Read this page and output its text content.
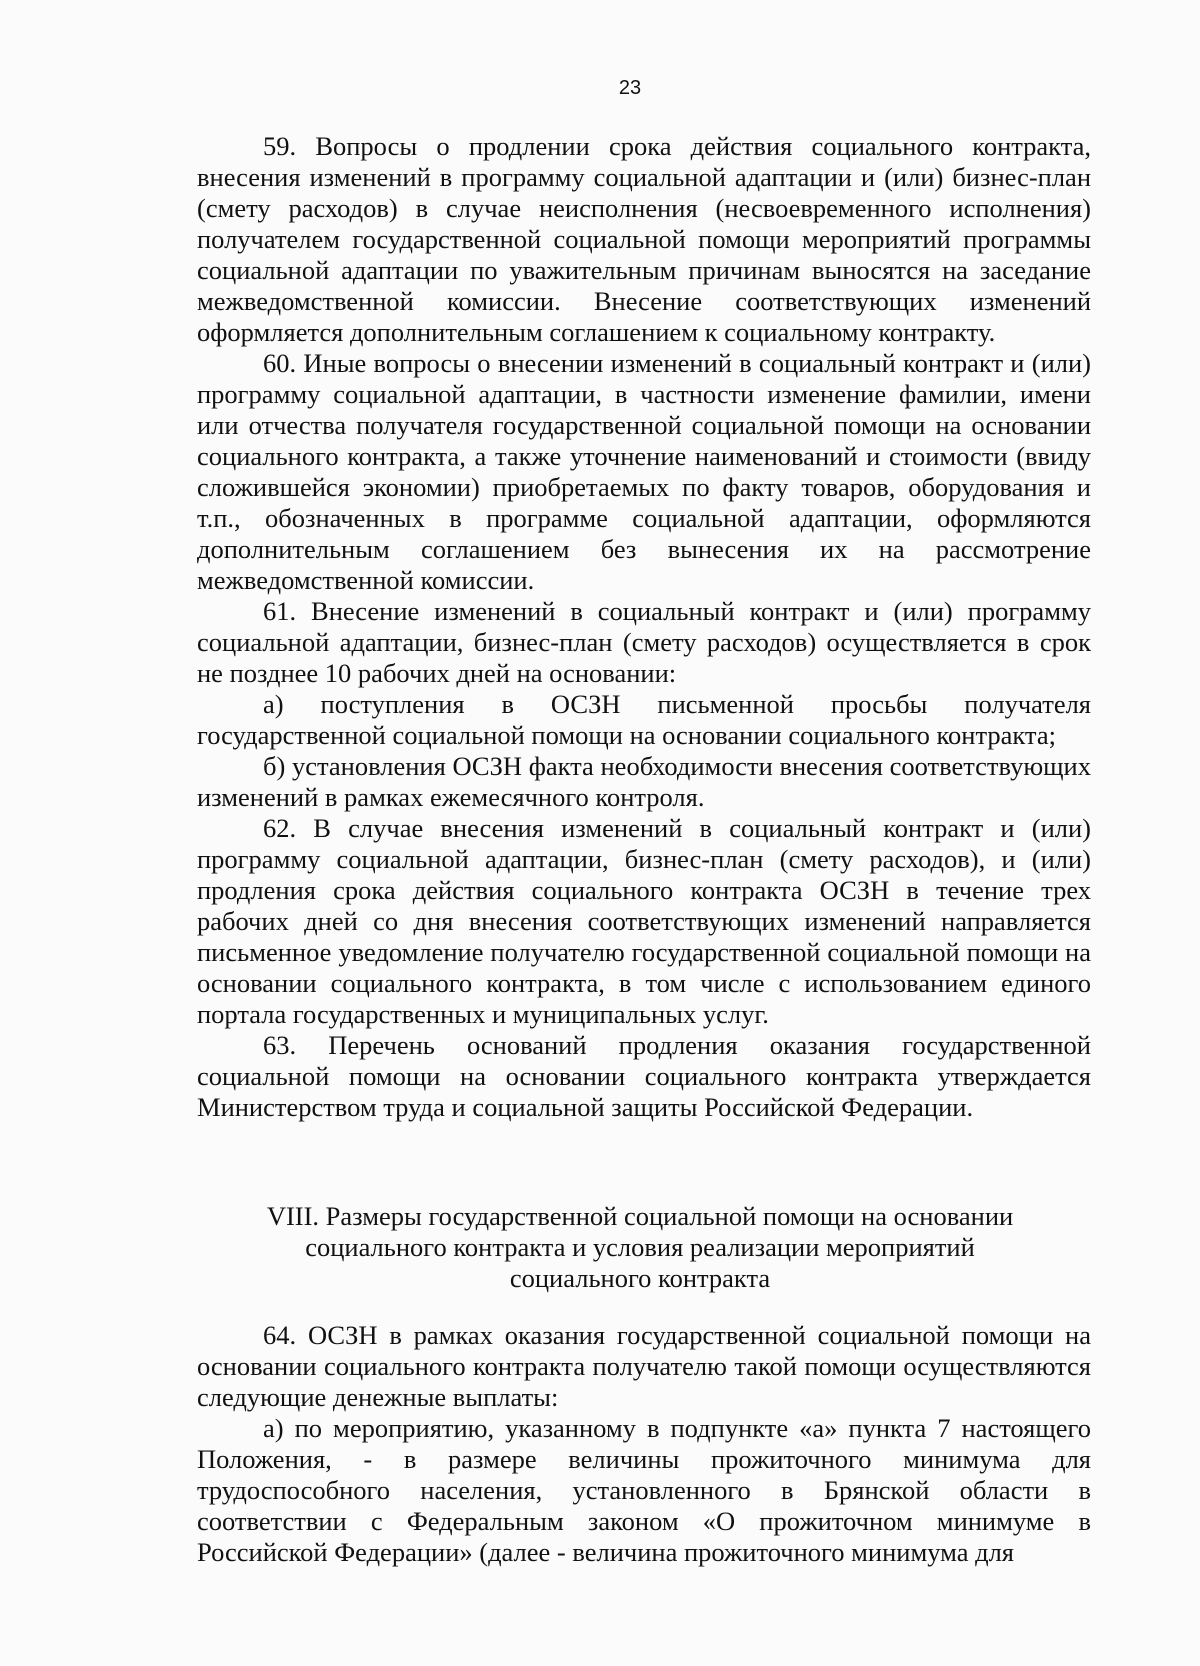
23

59. Вопросы о продлении срока действия социального контракта, внесения изменений в программу социальной адаптации и (или) бизнес-план (смету расходов) в случае неисполнения (несвоевременного исполнения) получателем государственной социальной помощи мероприятий программы социальной адаптации по уважительным причинам выносятся на заседание межведомственной комиссии. Внесение соответствующих изменений оформляется дополнительным соглашением к социальному контракту.

60. Иные вопросы о внесении изменений в социальный контракт и (или) программу социальной адаптации, в частности изменение фамилии, имени или отчества получателя государственной социальной помощи на основании социального контракта, а также уточнение наименований и стоимости (ввиду сложившейся экономии) приобретаемых по факту товаров, оборудования и т.п., обозначенных в программе социальной адаптации, оформляются дополнительным соглашением без вынесения их на рассмотрение межведомственной комиссии.

61. Внесение изменений в социальный контракт и (или) программу социальной адаптации, бизнес-план (смету расходов) осуществляется в срок не позднее 10 рабочих дней на основании:

а) поступления в ОСЗН письменной просьбы получателя государственной социальной помощи на основании социального контракта;

б) установления ОСЗН факта необходимости внесения соответствующих изменений в рамках ежемесячного контроля.

62. В случае внесения изменений в социальный контракт и (или) программу социальной адаптации, бизнес-план (смету расходов), и (или) продления срока действия социального контракта ОСЗН в течение трех рабочих дней со дня внесения соответствующих изменений направляется письменное уведомление получателю государственной социальной помощи на основании социального контракта, в том числе с использованием единого портала государственных и муниципальных услуг.

63. Перечень оснований продления оказания государственной социальной помощи на основании социального контракта утверждается Министерством труда и социальной защиты Российской Федерации.

VIII. Размеры государственной социальной помощи на основании
социального контракта и условия реализации мероприятий
социального контракта

64. ОСЗН в рамках оказания государственной социальной помощи на основании социального контракта получателю такой помощи осуществляются следующие денежные выплаты:

а) по мероприятию, указанному в подпункте «а» пункта 7 настоящего Положения, - в размере величины прожиточного минимума для трудоспособного населения, установленного в Брянской области в соответствии с Федеральным законом «О прожиточном минимуме в Российской Федерации» (далее - величина прожиточного минимума для
